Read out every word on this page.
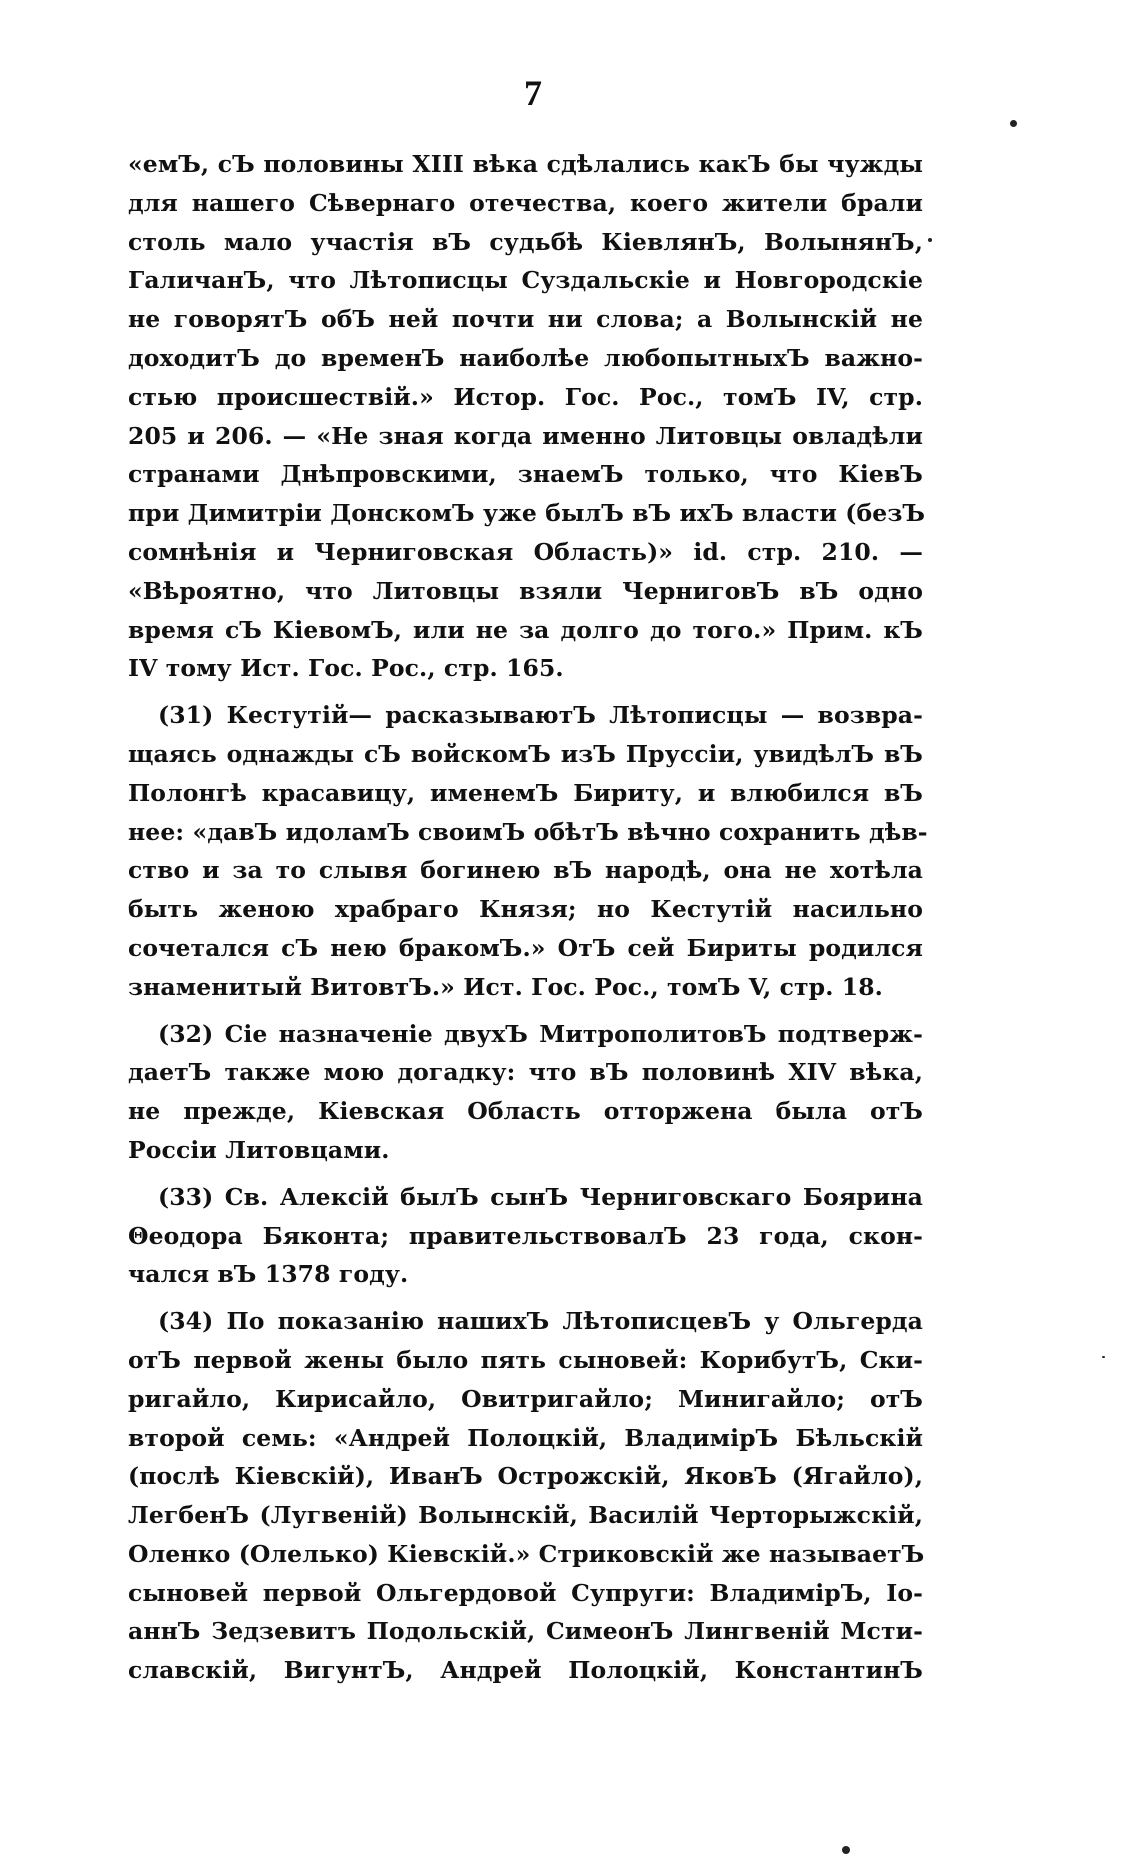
7
«емЪ, сЪ половины XIII вѣка сдѣлались какЪ бы чужды
для нашего Сѣвернаго отечества, коего жители брали
столь мало участія вЪ судьбѣ КіевлянЪ, ВолынянЪ,
ГаличанЪ, что Лѣтописцы Суздальскіе и Новгородскіе
не говорятЪ обЪ ней почти ни слова; а Волынскій не
доходитЪ до временЪ наиболѣе любопытныхЪ важно-
стью происшествій.» Истор. Гос. Рос., томЪ IV, стр.
205 и 206. — «Не зная когда именно Литовцы овладѣли
странами Днѣпровскими, знаемЪ только, что КіевЪ
при Димитріи ДонскомЪ уже былЪ вЪ ихЪ власти (безЪ
сомнѣнія и Черниговская Область)» id. стр. 210. —
«Вѣроятно, что Литовцы взяли ЧерниговЪ вЪ одно
время сЪ КіевомЪ, или не за долго до того.» Прим. кЪ
IV тому Ист. Гос. Рос., стр. 165.
(31) Кестутій— расказываютЪ Лѣтописцы — возвра-
щаясь однажды сЪ войскомЪ изЪ Пруссіи, увидѣлЪ вЪ
Полонгѣ красавицу, именемЪ Бириту, и влюбился вЪ
нее: «давЪ идоламЪ своимЪ обѣтЪ вѣчно сохранить дѣв-
ство и за то слывя богинею вЪ народѣ, она не хотѣла
быть женою храбраго Князя; но Кестутій насильно
сочетался сЪ нею бракомЪ.» ОтЪ сей Бириты родился
знаменитый ВитовтЪ.» Ист. Гос. Рос., томЪ V, стр. 18.
(32) Сіе назначеніе двухЪ МитрополитовЪ подтверж-
даетЪ также мою догадку: что вЪ половинѣ XIV вѣка,
не прежде, Кіевская Область отторжена была отЪ
Россіи Литовцами.
(33) Св. Алексій былЪ сынЪ Черниговскаго Боярина
Θеодора Бяконта; правительствовалЪ 23 года, скон-
чался вЪ 1378 году.
(34) По показанію нашихЪ ЛѣтописцевЪ у Ольгерда
отЪ первой жены было пять сыновей: КорибутЪ, Ски-
ригайло, Кирисайло, Овитригайло; Минигайло; отЪ
второй семь: «Андрей Полоцкій, ВладимірЪ Бѣльскій
(послѣ Кіевскій), ИванЪ Острожскій, ЯковЪ (Ягайло),
ЛегбенЪ (Лугвеній) Волынскій, Василій Черторыжскій,
Оленко (Олелько) Кіевскій.» Стриковскій же называетЪ
сыновей первой Ольгердовой Супруги: ВладимірЪ, Іо-
аннЪ Зедзевитъ Подольскій, СимеонЪ Лингвеній Мсти-
славскій, ВигунтЪ, Андрей Полоцкій, КонстантинЪ
